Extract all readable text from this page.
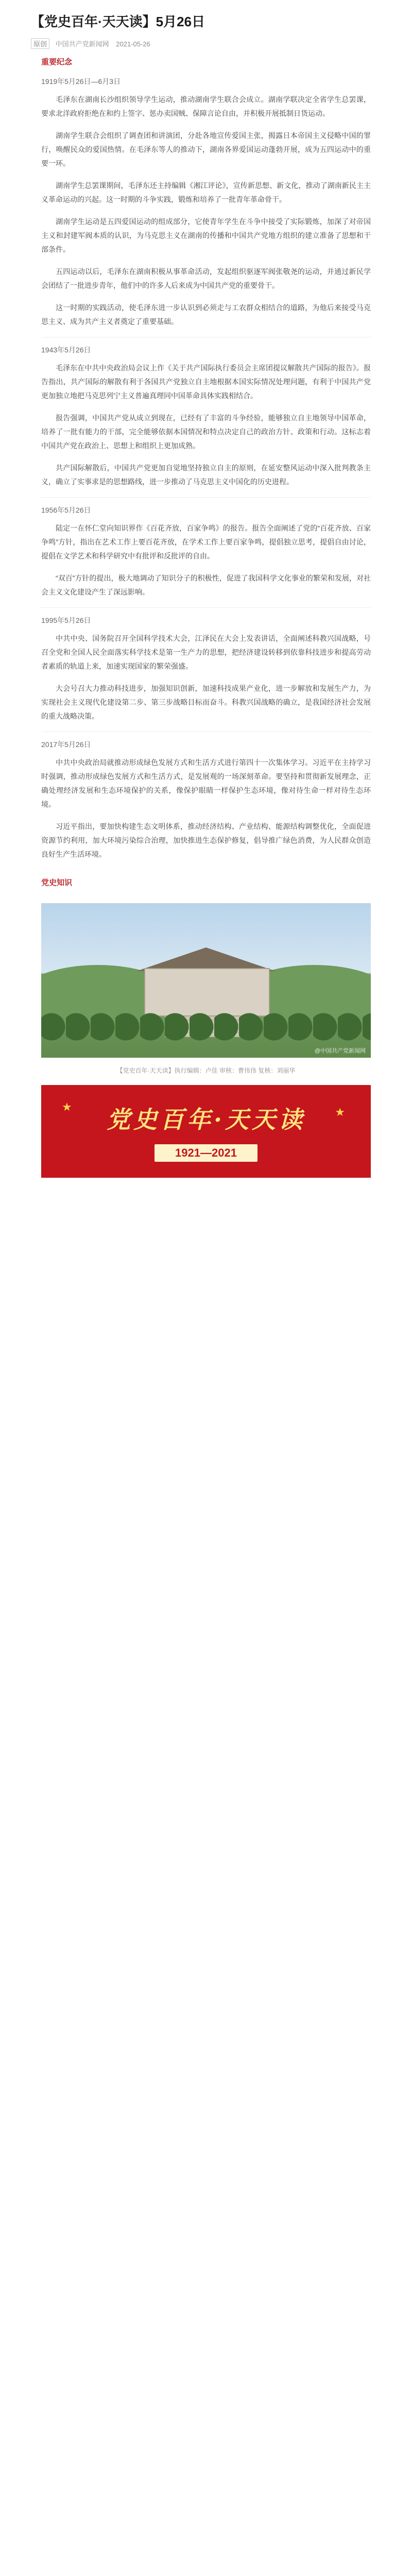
【党史百年·天天读】5月26日
原创 中国共产党新闻网 2021-05-26
重要纪念
1919年5月26日—6月3日

毛泽东在湖南长沙组织领导学生运动，推动湖南学生联合会成立。湖南学联决定全省学生总罢课，要求北洋政府拒绝在和约上签字、惩办卖国贼、保障言论自由，并积极开展抵制日货运动。

湖南学生联合会组织了调查团和讲演团，分赴各地宣传爱国主张，揭露日本帝国主义侵略中国的罪行，唤醒民众的爱国热情。在毛泽东等人的推动下，湖南各界爱国运动蓬勃开展，成为五四运动中的重要一环。

湖南学生总罢课期间，毛泽东还主持编辑《湘江评论》，宣传新思想、新文化，推动了湖南新民主主义革命运动的兴起。这一时期的斗争实践，锻炼和培养了一批青年革命骨干。

湖南学生运动是五四爱国运动的组成部分，它使青年学生在斗争中接受了实际锻炼，加深了对帝国主义和封建军阀本质的认识，为马克思主义在湖南的传播和中国共产党地方组织的建立准备了思想和干部条件。

五四运动以后，毛泽东在湖南积极从事革命活动，发起组织驱逐军阀张敬尧的运动，并通过新民学会团结了一批进步青年，他们中的许多人后来成为中国共产党的重要骨干。

这一时期的实践活动，使毛泽东进一步认识到必须走与工农群众相结合的道路，为他后来接受马克思主义、成为共产主义者奠定了重要基础。

1943年5月26日

毛泽东在中共中央政治局会议上作《关于共产国际执行委员会主席团提议解散共产国际的报告》。报告指出，共产国际的解散有利于各国共产党独立自主地根据本国实际情况处理问题，有利于中国共产党更加独立地把马克思列宁主义普遍真理同中国革命具体实践相结合。

报告强调，中国共产党从成立到现在，已经有了丰富的斗争经验，能够独立自主地领导中国革命，培养了一批有能力的干部，完全能够依据本国情况和特点决定自己的政治方针、政策和行动。这标志着中国共产党在政治上、思想上和组织上更加成熟。

共产国际解散后，中国共产党更加自觉地坚持独立自主的原则，在延安整风运动中深入批判教条主义，确立了实事求是的思想路线，进一步推动了马克思主义中国化的历史进程。

1956年5月26日

陆定一在怀仁堂向知识界作《百花齐放，百家争鸣》的报告。报告全面阐述了党的“百花齐放、百家争鸣”方针，指出在艺术工作上要百花齐放，在学术工作上要百家争鸣，提倡独立思考，提倡自由讨论，提倡在文学艺术和科学研究中有批评和反批评的自由。

“双百”方针的提出，极大地调动了知识分子的积极性，促进了我国科学文化事业的繁荣和发展，对社会主义文化建设产生了深远影响。

1995年5月26日

中共中央、国务院召开全国科学技术大会，江泽民在大会上发表讲话，全面阐述科教兴国战略，号召全党和全国人民全面落实科学技术是第一生产力的思想，把经济建设转移到依靠科技进步和提高劳动者素质的轨道上来，加速实现国家的繁荣强盛。

大会号召大力推动科技进步，加强知识创新，加速科技成果产业化，进一步解放和发展生产力，为实现社会主义现代化建设第二步、第三步战略目标而奋斗。科教兴国战略的确立，是我国经济社会发展的重大战略决策。

2017年5月26日

中共中央政治局就推动形成绿色发展方式和生活方式进行第四十一次集体学习。习近平在主持学习时强调，推动形成绿色发展方式和生活方式，是发展观的一场深刻革命。要坚持和贯彻新发展理念，正确处理经济发展和生态环境保护的关系，像保护眼睛一样保护生态环境，像对待生命一样对待生态环境。

习近平指出，要加快构建生态文明体系，推动经济结构、产业结构、能源结构调整优化，全面促进资源节约利用，加大环境污染综合治理，加快推进生态保护修复，倡导推广绿色消费，为人民群众创造良好生产生活环境。

党史知识
@中国共产党新闻网
【党史百年·天天读】执行编辑：卢佳 审核：曹伟伟 复核：刘丽华
★	★
党史百年·天天读
1921—2021
